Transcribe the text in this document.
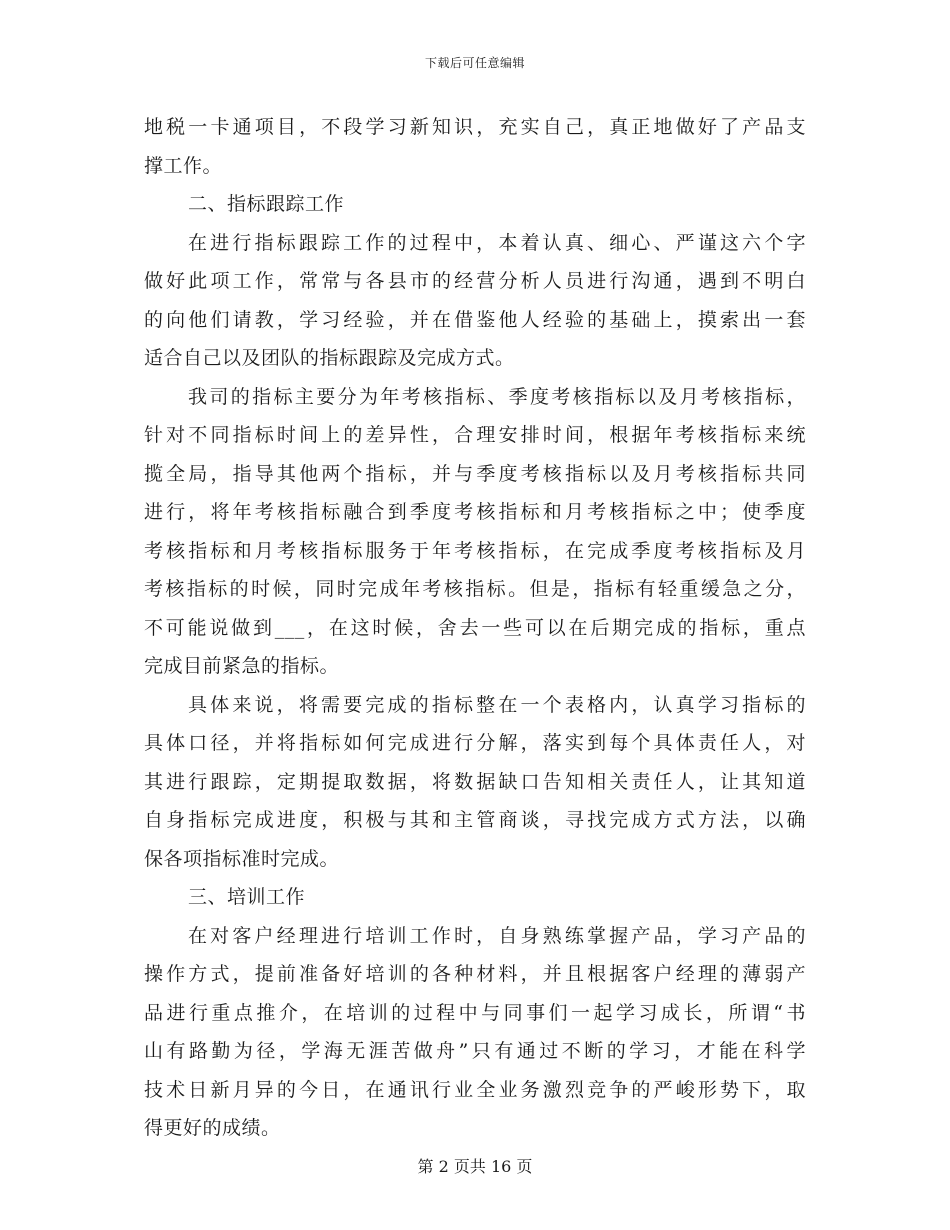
下载后可任意编辑
地税一卡通项目，不段学习新知识，充实自己，真正地做好了产品支
撑工作。
二、指标跟踪工作
在进行指标跟踪工作的过程中，本着认真、细心、严谨这六个字
做好此项工作，常常与各县市的经营分析人员进行沟通，遇到不明白
的向他们请教，学习经验，并在借鉴他人经验的基础上，摸索出一套
适合自己以及团队的指标跟踪及完成方式。
我司的指标主要分为年考核指标、季度考核指标以及月考核指标，
针对不同指标时间上的差异性，合理安排时间，根据年考核指标来统
揽全局，指导其他两个指标，并与季度考核指标以及月考核指标共同
进行，将年考核指标融合到季度考核指标和月考核指标之中；使季度
考核指标和月考核指标服务于年考核指标，在完成季度考核指标及月
考核指标的时候，同时完成年考核指标。但是，指标有轻重缓急之分，
不可能说做到___，在这时候，舍去一些可以在后期完成的指标，重点
完成目前紧急的指标。
具体来说，将需要完成的指标整在一个表格内，认真学习指标的
具体口径，并将指标如何完成进行分解，落实到每个具体责任人，对
其进行跟踪，定期提取数据，将数据缺口告知相关责任人，让其知道
自身指标完成进度，积极与其和主管商谈，寻找完成方式方法，以确
保各项指标准时完成。
三、培训工作
在对客户经理进行培训工作时，自身熟练掌握产品，学习产品的
操作方式，提前准备好培训的各种材料，并且根据客户经理的薄弱产
品进行重点推介，在培训的过程中与同事们一起学习成长，所谓“书
山有路勤为径，学海无涯苦做舟”只有通过不断的学习，才能在科学
技术日新月异的今日，在通讯行业全业务激烈竞争的严峻形势下，取
得更好的成绩。
第 2 页共 16 页
